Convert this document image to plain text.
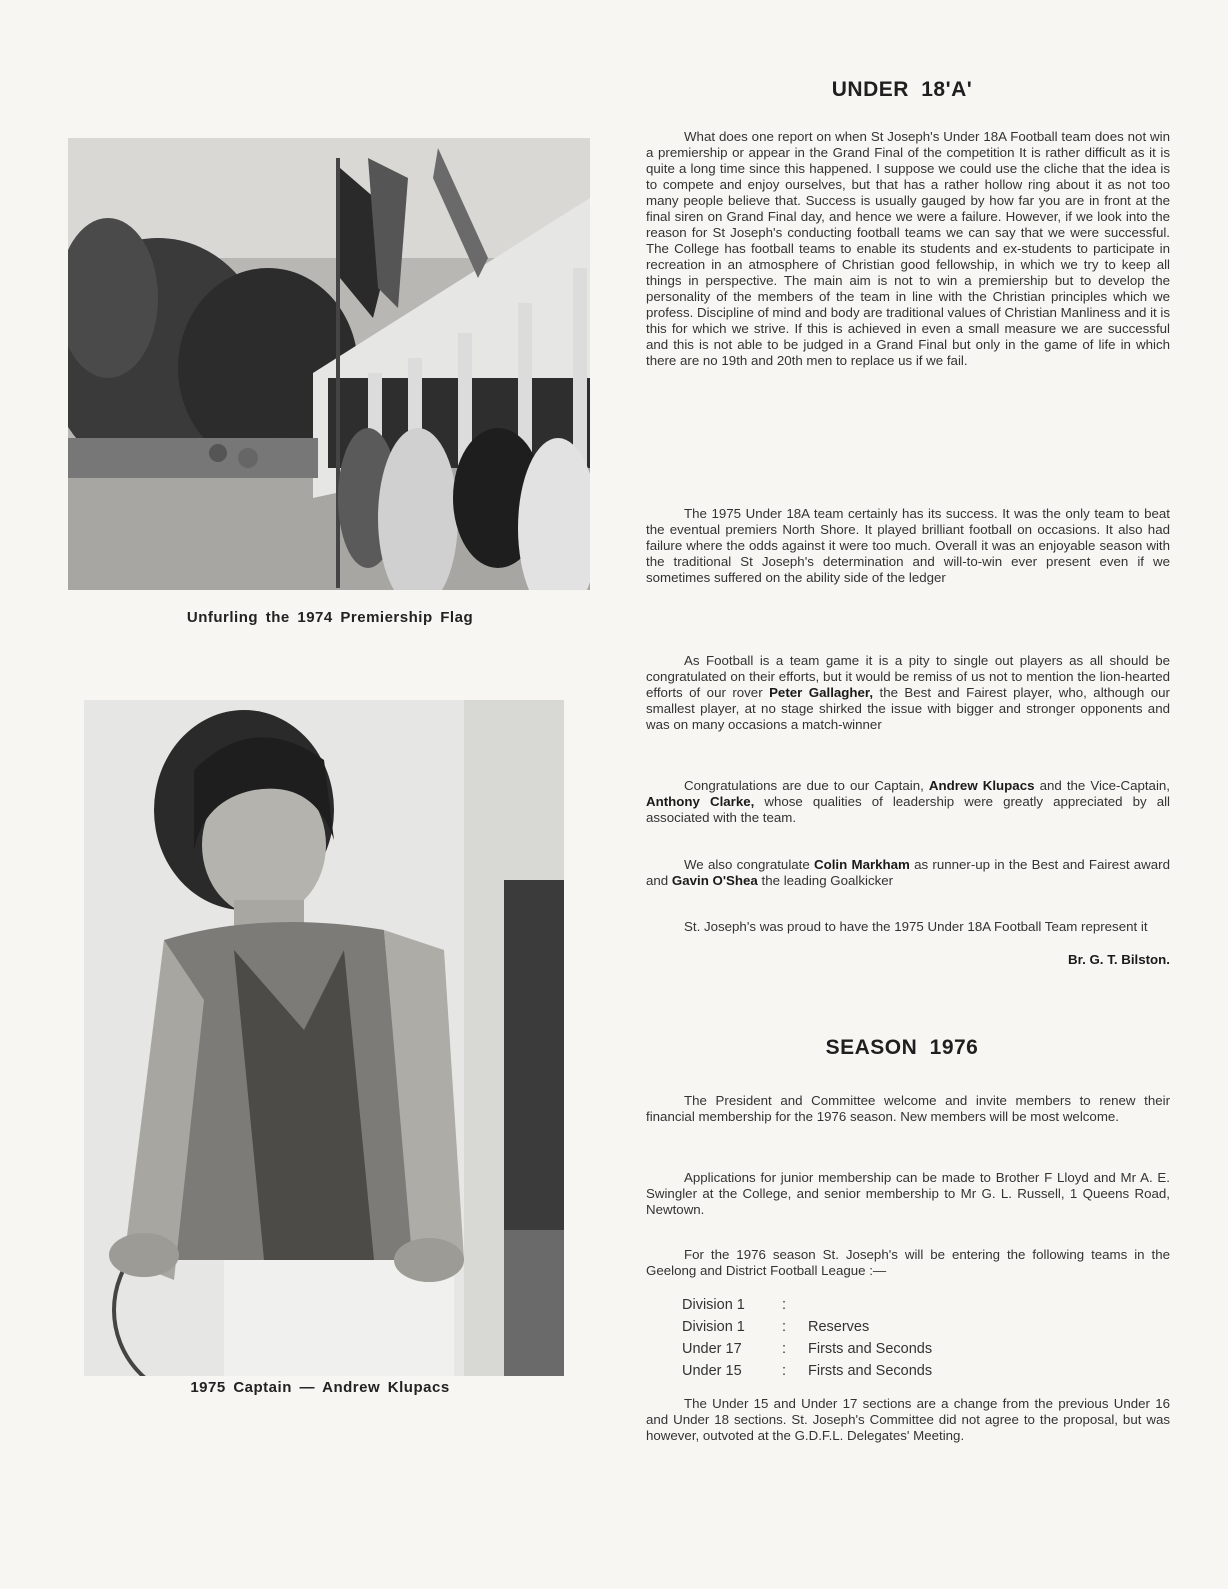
Unfurling the 1974 Premiership Flag
1975 Captain — Andrew Klupacs
UNDER 18'A'

What does one report on when St Joseph's Under 18A Football team does not win a premiership or appear in the Grand Final of the competition It is rather difficult as it is quite a long time since this happened. I suppose we could use the cliche that the idea is to compete and enjoy ourselves, but that has a rather hollow ring about it as not too many people believe that. Success is usually gauged by how far you are in front at the final siren on Grand Final day, and hence we were a failure. However, if we look into the reason for St Joseph's conducting football teams we can say that we were successful. The College has football teams to enable its students and ex-students to participate in recreation in an atmosphere of Christian good fellowship, in which we try to keep all things in perspective. The main aim is not to win a premiership but to develop the personality of the members of the team in line with the Christian principles which we profess. Discipline of mind and body are traditional values of Christian Manliness and it is this for which we strive. If this is achieved in even a small measure we are successful and this is not able to be judged in a Grand Final but only in the game of life in which there are no 19th and 20th men to replace us if we fail.

The 1975 Under 18A team certainly has its success. It was the only team to beat the eventual premiers North Shore. It played brilliant football on occasions. It also had failure where the odds against it were too much. Overall it was an enjoyable season with the traditional St Joseph's determination and will-to-win ever present even if we sometimes suffered on the ability side of the ledger

As Football is a team game it is a pity to single out players as all should be congratulated on their efforts, but it would be remiss of us not to mention the lion-hearted efforts of our rover Peter Gallagher, the Best and Fairest player, who, although our smallest player, at no stage shirked the issue with bigger and stronger opponents and was on many occasions a match-winner

Congratulations are due to our Captain, Andrew Klupacs and the Vice-Captain, Anthony Clarke, whose qualities of leadership were greatly appreciated by all associated with the team.

We also congratulate Colin Markham as runner-up in the Best and Fairest award and Gavin O'Shea the leading Goalkicker

St. Joseph's was proud to have the 1975 Under 18A Football Team represent it

Br. G. T. Bilston.
SEASON 1976

The President and Committee welcome and invite members to renew their financial membership for the 1976 season. New members will be most welcome.

Applications for junior membership can be made to Brother F Lloyd and Mr A. E. Swingler at the College, and senior membership to Mr G. L. Russell, 1 Queens Road, Newtown.

For the 1976 season St. Joseph's will be entering the following teams in the Geelong and District Football League :—

Division 1	:	
Division 1	:	Reserves
Under 17	:	Firsts and Seconds
Under 15	:	Firsts and Seconds

The Under 15 and Under 17 sections are a change from the previous Under 16 and Under 18 sections. St. Joseph's Committee did not agree to the proposal, but was however, outvoted at the G.D.F.L. Delegates' Meeting.
